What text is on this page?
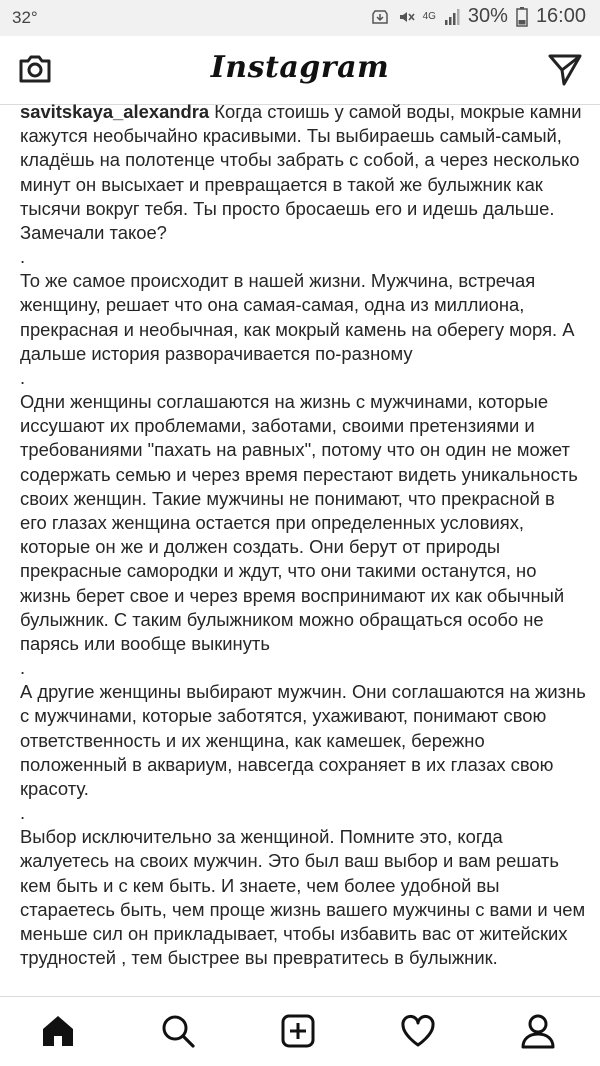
32°	4G 30% 16:00
Instagram
savitskaya_alexandra Когда стоишь у самой воды, мокрые камни кажутся необычайно красивыми. Ты выбираешь самый-самый, кладёшь на полотенце чтобы забрать с собой, а через несколько минут он высыхает и превращается в такой же булыжник как тысячи вокруг тебя. Ты просто бросаешь его и идешь дальше. Замечали такое?
.
То же самое происходит в нашей жизни. Мужчина, встречая женщину, решает что она самая-самая, одна из миллиона, прекрасная и необычная, как мокрый камень на оберегу моря. А дальше история разворачивается по-разному
.
Одни женщины соглашаются на жизнь с мужчинами, которые иссушают их проблемами, заботами, своими претензиями и требованиями "пахать на равных", потому что он один не может содержать семью и через время перестают видеть уникальность своих женщин. Такие мужчины не понимают, что прекрасной в его глазах женщина остается при определенных условиях, которые он же и должен создать. Они берут от природы прекрасные самородки и ждут, что они такими останутся, но жизнь берет свое и через время воспринимают их как обычный булыжник. С таким булыжником можно обращаться особо не парясь или вообще выкинуть
.
А другие женщины выбирают мужчин. Они соглашаются на жизнь с мужчинами, которые заботятся, ухаживают, понимают свою ответственность и их женщина, как камешек, бережно положенный в аквариум, навсегда сохраняет в их глазах свою красоту.
.
Выбор исключительно за женщиной. Помните это, когда жалуетесь на своих мужчин. Это был ваш выбор и вам решать кем быть и с кем быть. И знаете, чем более удобной вы стараетесь быть, чем проще жизнь вашего мужчины с вами и чем меньше сил он прикладывает, чтобы избавить вас от житейских трудностей , тем быстрее вы превратитесь в булыжник.
